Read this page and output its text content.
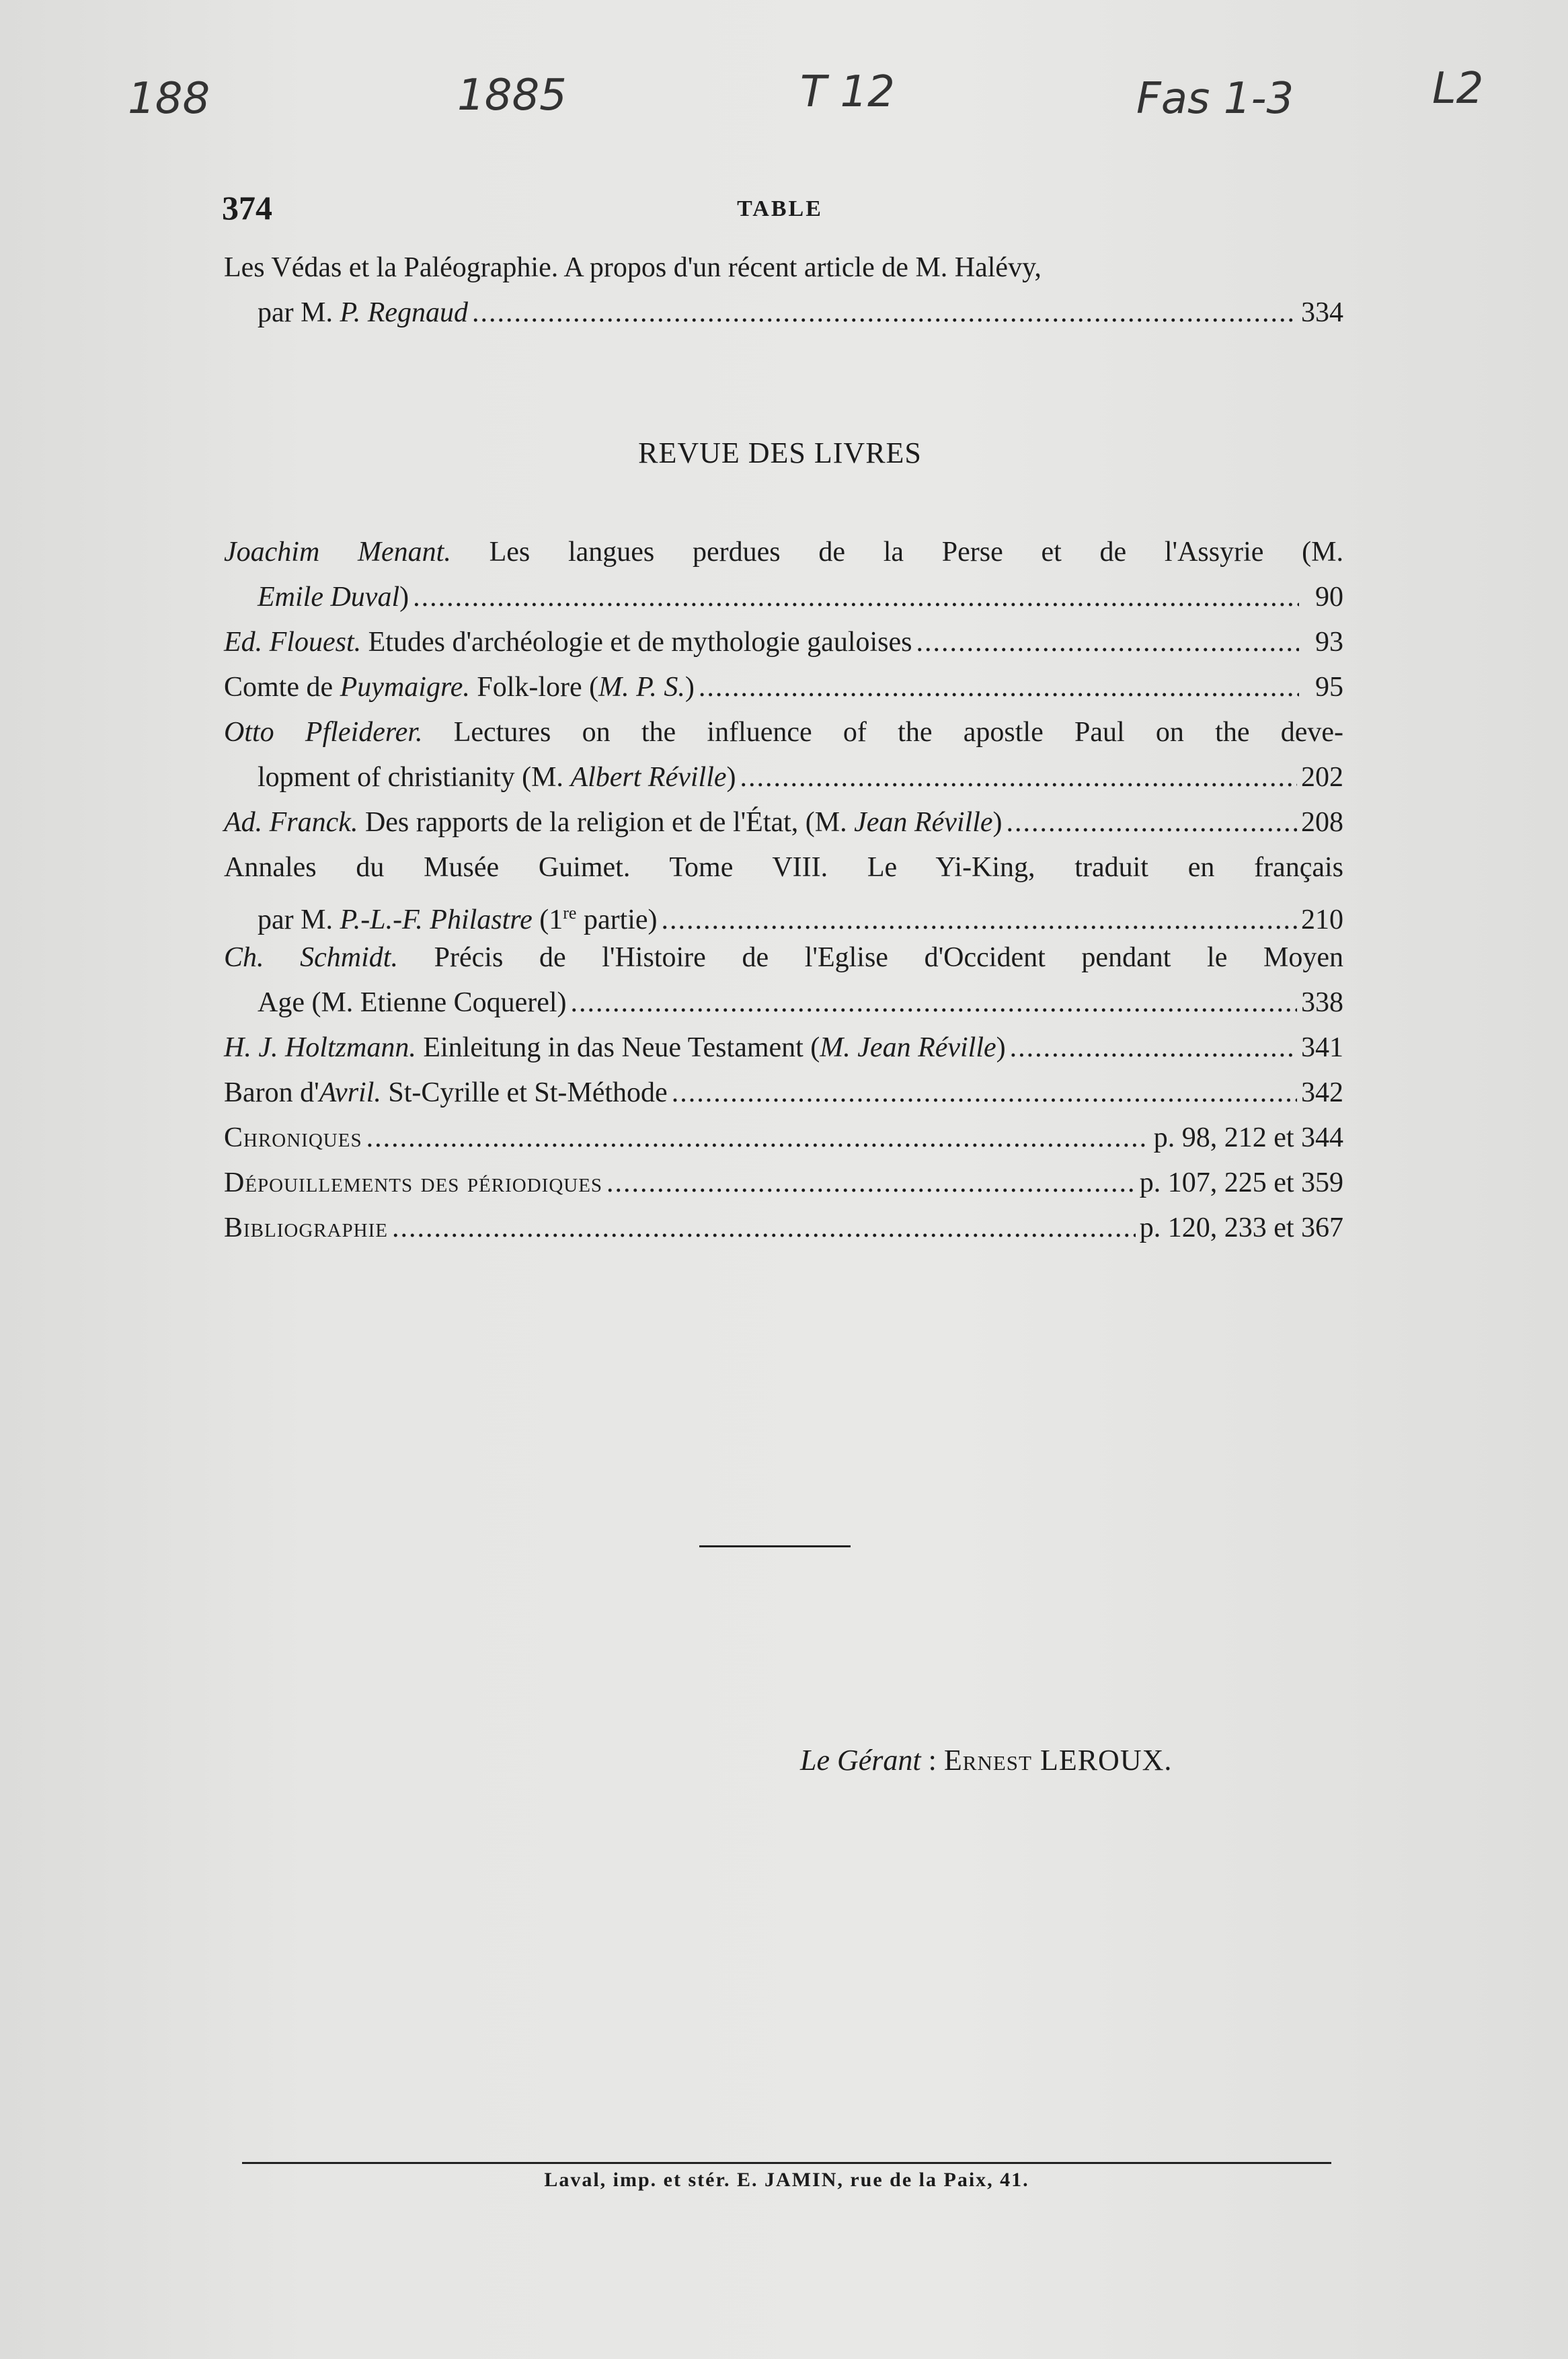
188	1885	T 12	Fas 1-3	L2
374	TABLE
Les Védas et la Paléographie. A propos d'un récent article de M. Halévy,
par M. P. Regnaud .....	334
REVUE DES LIVRES
Joachim Menant. Les langues perdues de la Perse et de l'Assyrie (M.
Emile Duval) .....	90
Ed. Flouest. Etudes d'archéologie et de mythologie gauloises .....	93
Comte de Puymaigre. Folk-lore (M. P. S.) .....	95
Otto Pfleiderer. Lectures on the influence of the apostle Paul on the deve-
lopment of christianity (M. Albert Réville) .....	202
Ad. Franck. Des rapports de la religion et de l'État, (M. Jean Réville) .....	208
Annales du Musée Guimet. Tome VIII. Le Yi-King, traduit en français
par M. P.-L.-F. Philastre (1re partie) .....	210
Ch. Schmidt. Précis de l'Histoire de l'Eglise d'Occident pendant le Moyen
Age (M. Etienne Coquerel) .....	338
H. J. Holtzmann. Einleitung in das Neue Testament (M. Jean Réville) .....	341
Baron d'Avril. St-Cyrille et St-Méthode .....	342
Chroniques .....	p. 98, 212 et 344
Dépouillements des périodiques .....	p. 107, 225 et 359
Bibliographie .....	p. 120, 233 et 367
Le Gérant : Ernest LEROUX.
Laval, imp. et stér. E. JAMIN, rue de la Paix, 41.
